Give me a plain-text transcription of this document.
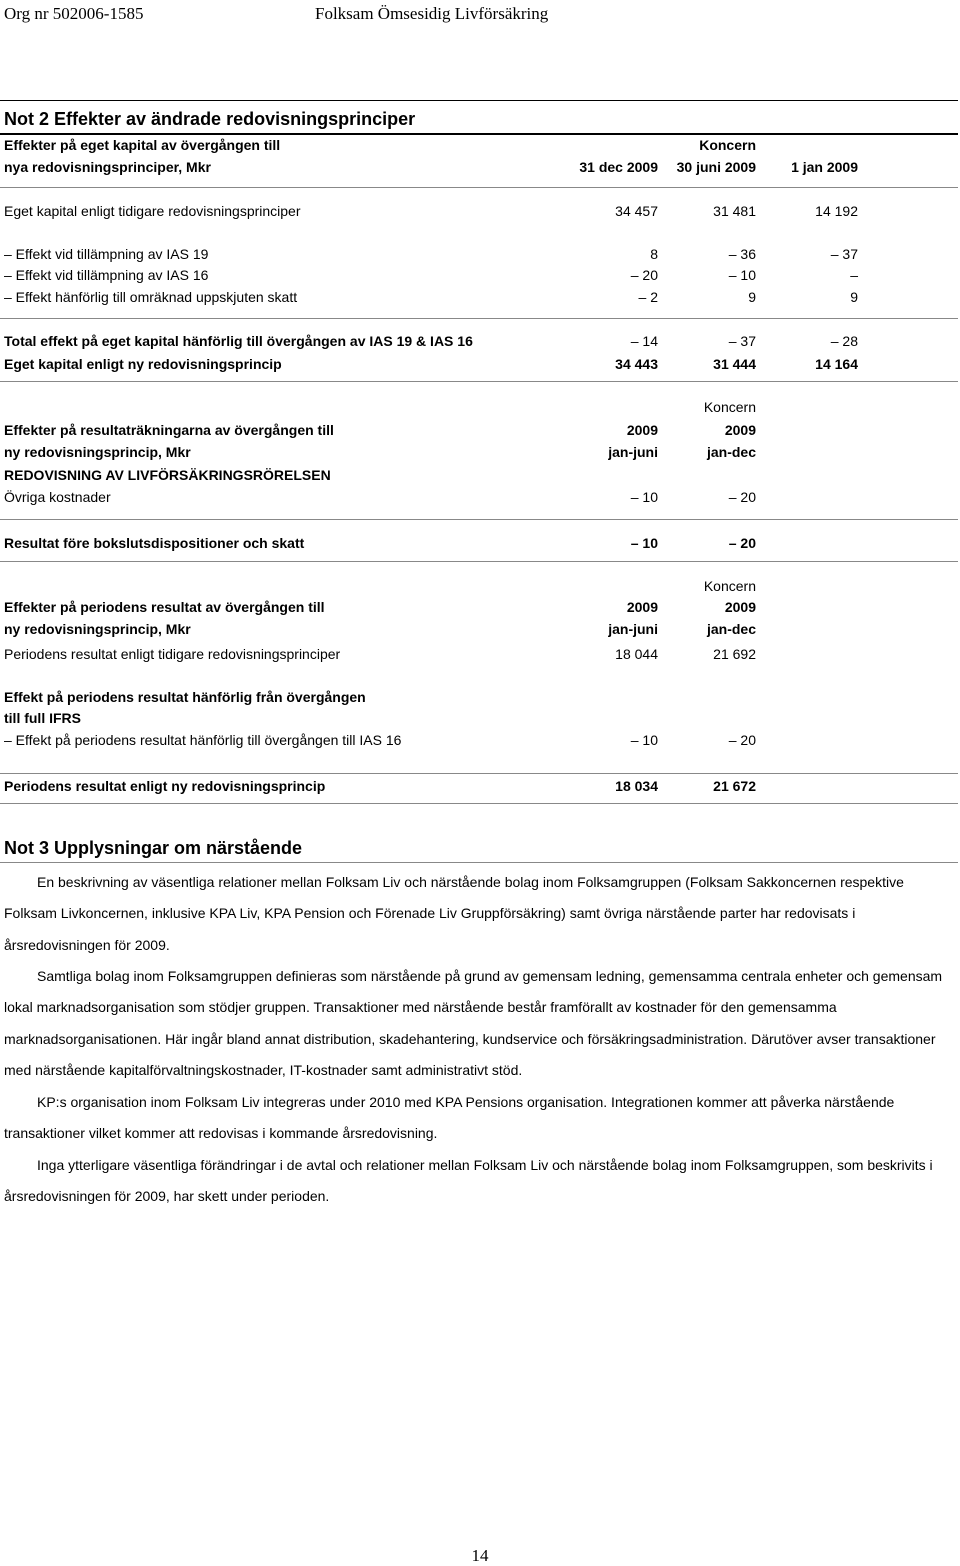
Org nr 502006-1585	Folksam Ömsesidig Livförsäkring
Not 2 Effekter av ändrade redovisningsprinciper
Effekter på eget kapital av övergången till	Koncern
nya redovisningsprinciper, Mkr	31 dec 2009	30 juni 2009	1 jan 2009
Eget kapital enligt tidigare redovisningsprinciper	34 457	31 481	14 192
– Effekt vid tillämpning av IAS 19	8	– 36	– 37
– Effekt vid tillämpning av IAS 16	– 20	– 10	–
– Effekt hänförlig till omräknad uppskjuten skatt	– 2	9	9
Total effekt på eget kapital hänförlig till övergången av IAS 19 & IAS 16	– 14	– 37	– 28
Eget kapital enligt ny redovisningsprincip	34 443	31 444	14 164
Koncern
Effekter på resultaträkningarna av övergången till	2009	2009
ny redovisningsprincip, Mkr	jan-juni	jan-dec
REDOVISNING AV LIVFÖRSÄKRINGSRÖRELSEN
Övriga kostnader	– 10	– 20
Resultat före bokslutsdispositioner och skatt	– 10	– 20
Koncern
Effekter på periodens resultat av övergången till	2009	2009
ny redovisningsprincip, Mkr	jan-juni	jan-dec
Periodens resultat enligt tidigare redovisningsprinciper	18 044	21 692
Effekt på periodens resultat hänförlig från övergången
till full IFRS
– Effekt på periodens resultat hänförlig till övergången till IAS 16	– 10	– 20
Periodens resultat enligt ny redovisningsprincip	18 034	21 672
Not 3 Upplysningar om närstående
En beskrivning av väsentliga relationer mellan Folksam Liv och närstående bolag inom Folksamgruppen (Folksam Sakkoncernen respektive Folksam Livkoncernen, inklusive KPA Liv, KPA Pension och Förenade Liv Gruppförsäkring) samt övriga närstående parter har redovisats i årsredovisningen för 2009.
Samtliga bolag inom Folksamgruppen definieras som närstående på grund av gemensam ledning, gemensamma centrala enheter och gemensam lokal marknadsorganisation som stödjer gruppen. Transaktioner med närstående består framförallt av kostnader för den gemensamma marknadsorganisationen. Här ingår bland annat distribution, skadehantering, kundservice och försäkringsadministration. Därutöver avser transaktioner med närstående kapitalförvaltningskostnader, IT-kostnader samt administrativt stöd.
KP:s organisation inom Folksam Liv integreras under 2010 med KPA Pensions organisation. Integrationen kommer att påverka närstående transaktioner vilket kommer att redovisas i kommande årsredovisning.
Inga ytterligare väsentliga förändringar i de avtal och relationer mellan Folksam Liv och närstående bolag inom Folksamgruppen, som beskrivits i årsredovisningen för 2009, har skett under perioden.
14
